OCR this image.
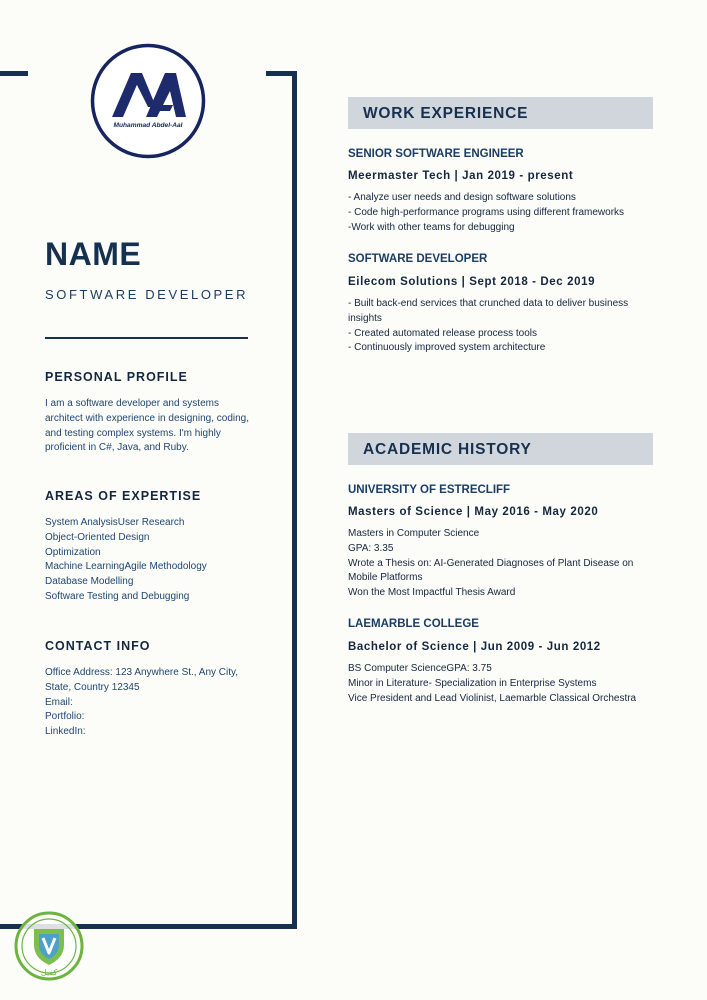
Muhammad Abdel-Aal
NAME
SOFTWARE DEVELOPER
PERSONAL PROFILE
I am a software developer and systems
architect with experience in designing, coding,
and testing complex systems. I'm highly
proficient in C#, Java, and Ruby.
AREAS OF EXPERTISE
System AnalysisUser Research
Object-Oriented Design
Optimization
Machine LearningAgile Methodology
Database Modelling
Software Testing and Debugging
CONTACT INFO
Office Address: 123 Anywhere St., Any City,
State, Country 12345
Email:
Portfolio:
LinkedIn:
WORK EXPERIENCE
SENIOR SOFTWARE ENGINEER
Meermaster Tech | Jan 2019 - present
- Analyze user needs and design software solutions
- Code high-performance programs using different frameworks
-Work with other teams for debugging
SOFTWARE DEVELOPER
Eilecom Solutions | Sept 2018 - Dec 2019
- Built back-end services that crunched data to deliver business
insights
- Created automated release process tools
- Continuously improved system architecture
ACADEMIC HISTORY
UNIVERSITY OF ESTRECLIFF
Masters of Science | May 2016 - May 2020
Masters in Computer Science
GPA: 3.35
Wrote a Thesis on: AI-Generated Diagnoses of Plant Disease on
Mobile Platforms
Won the Most Impactful Thesis Award
LAEMARBLE COLLEGE
Bachelor of Science | Jun 2009 - Jun 2012
BS Computer ScienceGPA: 3.75
Minor in Literature- Specialization in Enterprise Systems
Vice President and Lead Violinist, Laemarble Classical Orchestra
كفيل
